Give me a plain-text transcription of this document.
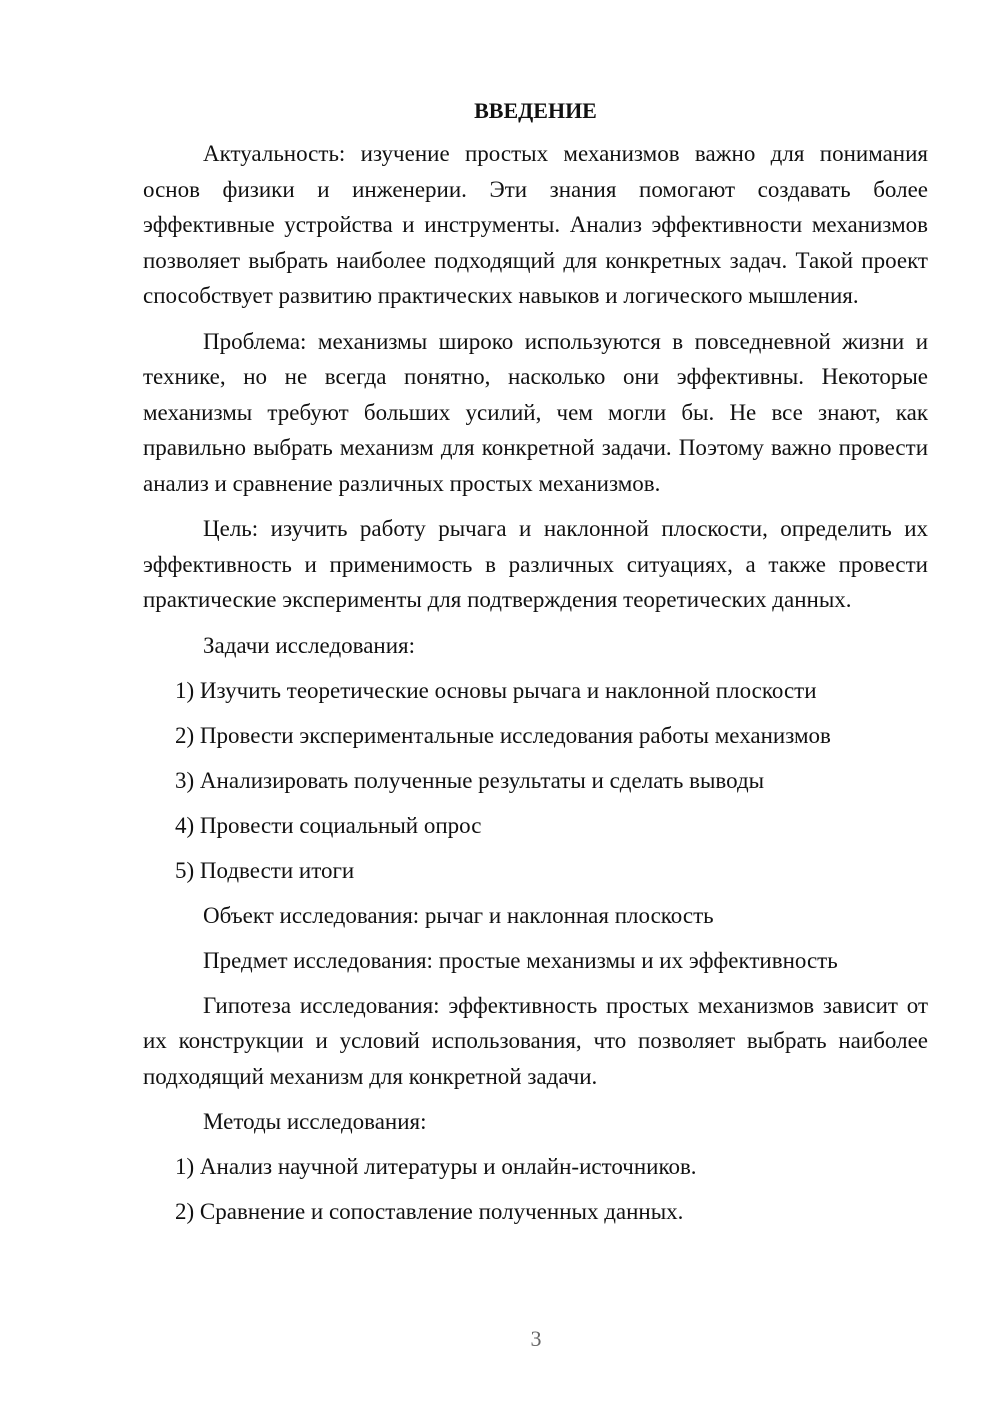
ВВЕДЕНИЕ
Актуальность: изучение простых механизмов важно для понимания основ физики и инженерии. Эти знания помогают создавать более эффективные устройства и инструменты. Анализ эффективности механизмов позволяет выбрать наиболее подходящий для конкретных задач. Такой проект способствует развитию практических навыков и логического мышления.
Проблема: механизмы широко используются в повседневной жизни и технике, но не всегда понятно, насколько они эффективны. Некоторые механизмы требуют больших усилий, чем могли бы. Не все знают, как правильно выбрать механизм для конкретной задачи. Поэтому важно провести анализ и сравнение различных простых механизмов.
Цель: изучить работу рычага и наклонной плоскости, определить их эффективность и применимость в различных ситуациях, а также провести практические эксперименты для подтверждения теоретических данных.
Задачи исследования:
1) Изучить теоретические основы рычага и наклонной плоскости
2) Провести экспериментальные исследования работы механизмов
3) Анализировать полученные результаты и сделать выводы
4) Провести социальный опрос
5) Подвести итоги
Объект исследования: рычаг и наклонная плоскость
Предмет исследования: простые механизмы и их эффективность
Гипотеза исследования: эффективность простых механизмов зависит от их конструкции и условий использования, что позволяет выбрать наиболее подходящий механизм для конкретной задачи.
Методы исследования:
1) Анализ научной литературы и онлайн-источников.
2) Сравнение и сопоставление полученных данных.
3
